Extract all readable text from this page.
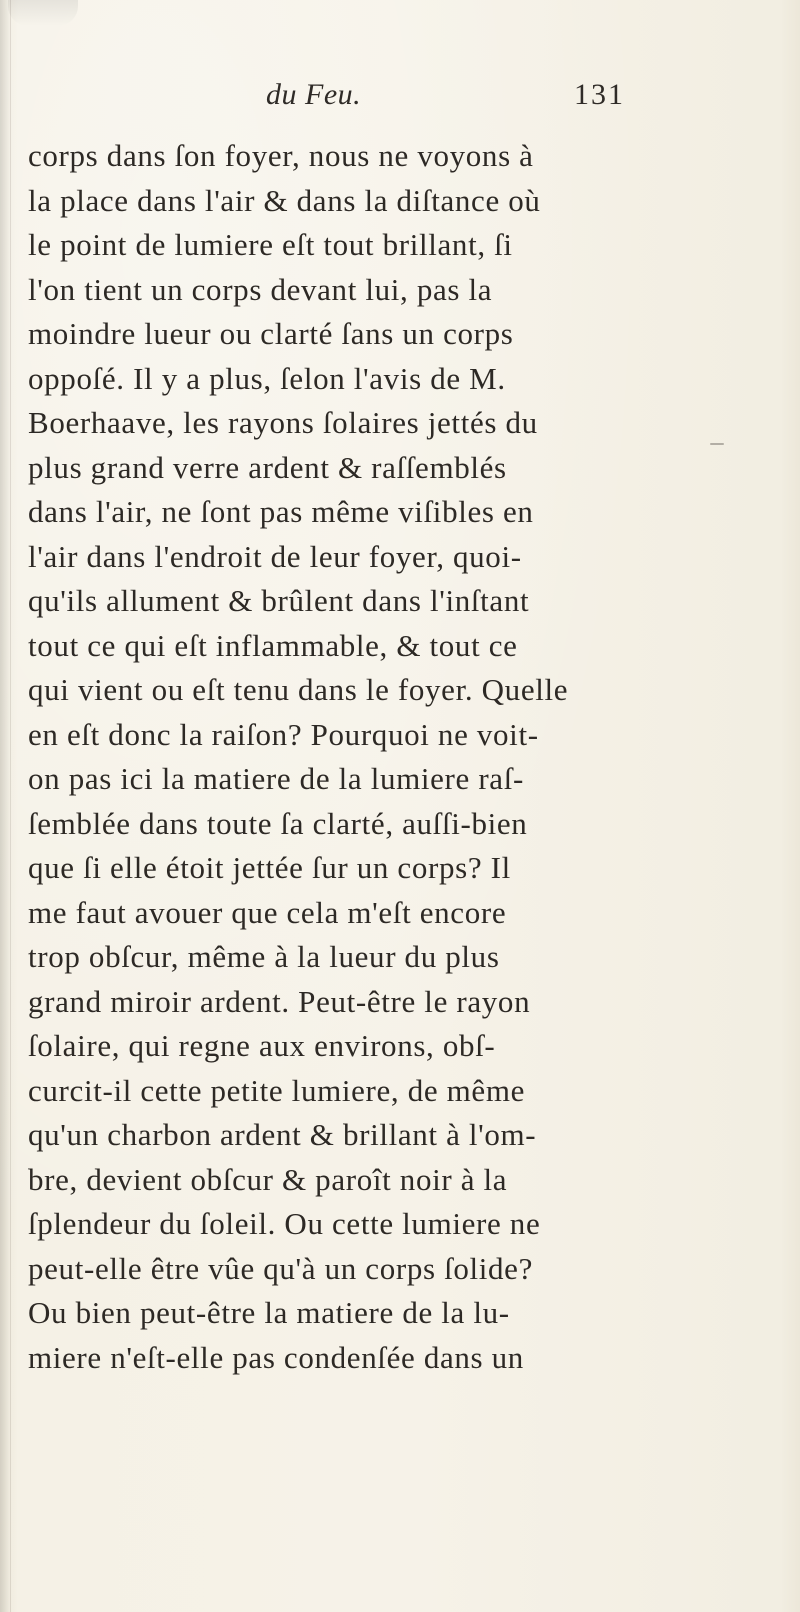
du Feu.	131
corps dans ſon foyer, nous ne voyons à
la place dans l'air & dans la diſtance où
le point de lumiere eſt tout brillant, ſi
l'on tient un corps devant lui, pas la
moindre lueur ou clarté ſans un corps
oppoſé. Il y a plus, ſelon l'avis de M.
Boerhaave, les rayons ſolaires jettés du
plus grand verre ardent & raſſemblés
dans l'air, ne ſont pas même viſibles en
l'air dans l'endroit de leur foyer, quoi-
qu'ils allument & brûlent dans l'inſtant
tout ce qui eſt inflammable, & tout ce
qui vient ou eſt tenu dans le foyer. Quelle
en eſt donc la raiſon? Pourquoi ne voit-
on pas ici la matiere de la lumiere raſ-
ſemblée dans toute ſa clarté, auſſi-bien
que ſi elle étoit jettée ſur un corps? Il
me faut avouer que cela m'eſt encore
trop obſcur, même à la lueur du plus
grand miroir ardent. Peut-être le rayon
ſolaire, qui regne aux environs, obſ-
curcit-il cette petite lumiere, de même
qu'un charbon ardent & brillant à l'om-
bre, devient obſcur & paroît noir à la
ſplendeur du ſoleil. Ou cette lumiere ne
peut-elle être vûe qu'à un corps ſolide?
Ou bien peut-être la matiere de la lu-
miere n'eſt-elle pas condenſée dans un
